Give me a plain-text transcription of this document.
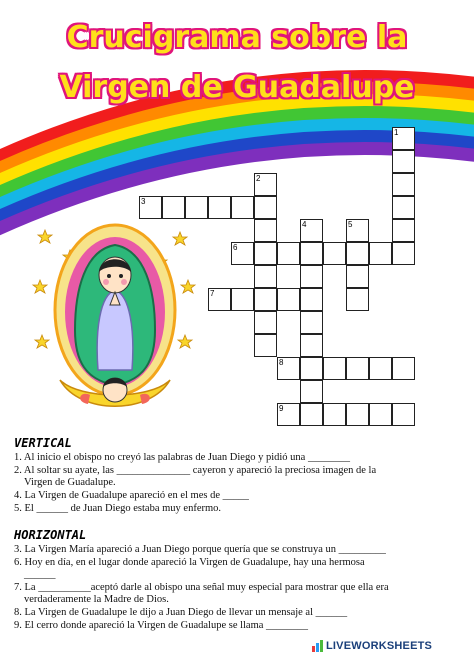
Crucigrama sobre la
Virgen de Guadalupe
1
2
3
4	5
6
7
8
9
VERTICAL
1. Al inicio el obispo no creyó las palabras de Juan Diego y pidió una ________
2. Al soltar su ayate, las ______________ cayeron y apareció la preciosa imagen de la
Virgen de Guadalupe.
4. La Virgen de Guadalupe apareció en el mes de _____
5. El ______ de Juan Diego estaba muy enfermo.
HORIZONTAL
3. La Virgen María apareció a Juan Diego porque quería que se construya un _________
6. Hoy en día, en el lugar donde apareció la Virgen de Guadalupe, hay una hermosa
______
7. La __________aceptó darle al obispo una señal muy especial para mostrar que ella era
verdaderamente la Madre de Dios.
8. La Virgen de Guadalupe le dijo a Juan Diego de llevar un mensaje al ______
9. El cerro donde apareció la Virgen de Guadalupe se llama ________
LIVEWORKSHEETS
